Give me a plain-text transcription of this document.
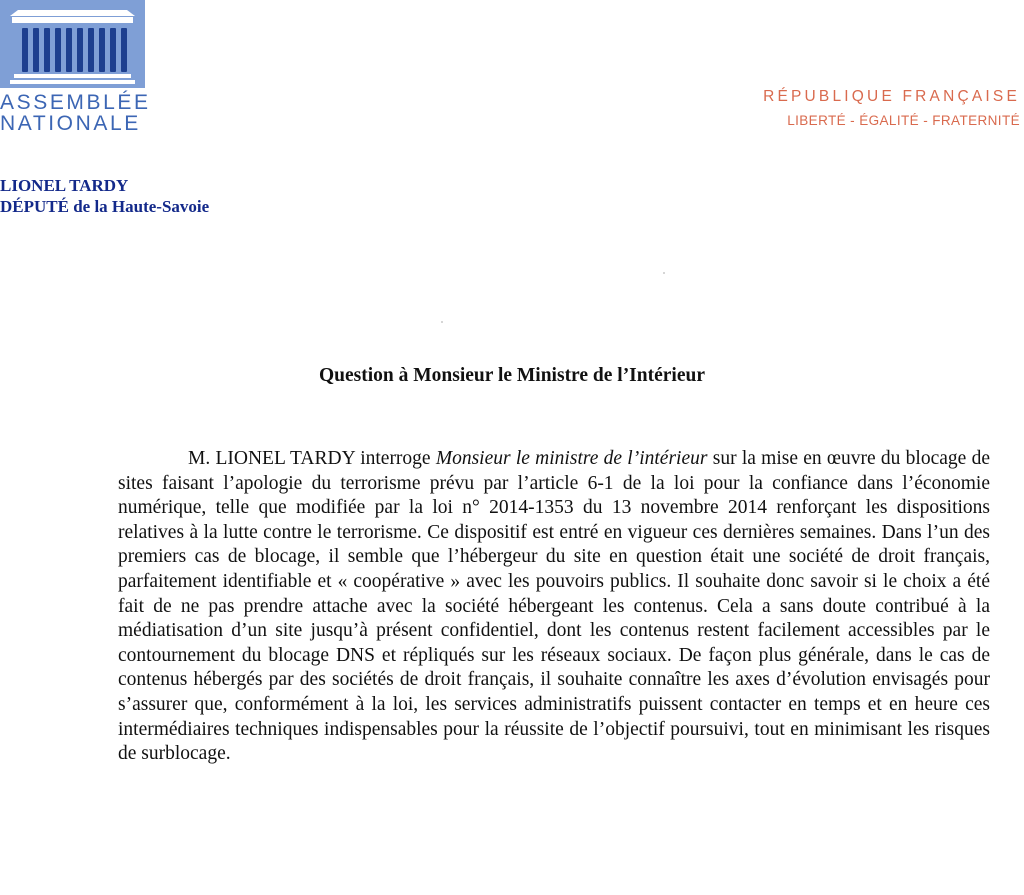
ASSEMBLÉE
NATIONALE
RÉPUBLIQUE FRANÇAISE
LIBERTÉ - ÉGALITÉ - FRATERNITÉ
LIONEL TARDY
DÉPUTÉ de la Haute-Savoie
Question à Monsieur le Ministre de l’Intérieur

M. LIONEL TARDY interroge Monsieur le ministre de l’intérieur sur la mise en œuvre du blocage de sites faisant l’apologie du terrorisme prévu par l’article 6-1 de la loi pour la confiance dans l’économie numérique, telle que modifiée par la loi n° 2014-1353 du 13 novembre 2014 renforçant les dispositions relatives à la lutte contre le terrorisme. Ce dispositif est entré en vigueur ces dernières semaines. Dans l’un des premiers cas de blocage, il semble que l’hébergeur du site en question était une société de droit français, parfaitement identifiable et « coopérative » avec les pouvoirs publics. Il souhaite donc savoir si le choix a été fait de ne pas prendre attache avec la société hébergeant les contenus. Cela a sans doute contribué à la médiatisation d’un site jusqu’à présent confidentiel, dont les contenus restent facilement accessibles par le contournement du blocage DNS et répliqués sur les réseaux sociaux. De façon plus générale, dans le cas de contenus hébergés par des sociétés de droit français, il souhaite connaître les axes d’évolution envisagés pour s’assurer que, conformément à la loi, les services administratifs puissent contacter en temps et en heure ces intermédiaires techniques indispensables pour la réussite de l’objectif poursuivi, tout en minimisant les risques de surblocage.
